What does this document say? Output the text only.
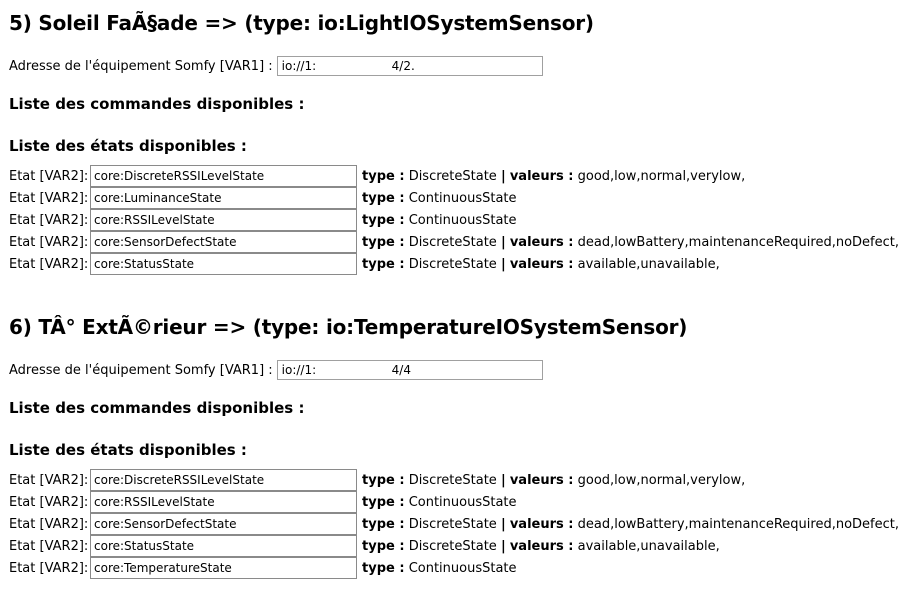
5) Soleil FaÃ§ade => (type: io:LightIOSystemSensor)
Adresse de l'équipement Somfy [VAR1] : io://1:	4/2.
Liste des commandes disponibles :
Liste des états disponibles :
Etat [VAR2]: core:DiscreteRSSILevelState	type : DiscreteState | valeurs : good,low,normal,verylow,
Etat [VAR2]: core:LuminanceState	type : ContinuousState
Etat [VAR2]: core:RSSILevelState	type : ContinuousState
Etat [VAR2]: core:SensorDefectState	type : DiscreteState | valeurs : dead,lowBattery,maintenanceRequired,noDefect,
Etat [VAR2]: core:StatusState	type : DiscreteState | valeurs : available,unavailable,
6) TÂ° ExtÃ©rieur => (type: io:TemperatureIOSystemSensor)
Adresse de l'équipement Somfy [VAR1] : io://1:	4/4
Liste des commandes disponibles :
Liste des états disponibles :
Etat [VAR2]: core:DiscreteRSSILevelState	type : DiscreteState | valeurs : good,low,normal,verylow,
Etat [VAR2]: core:RSSILevelState	type : ContinuousState
Etat [VAR2]: core:SensorDefectState	type : DiscreteState | valeurs : dead,lowBattery,maintenanceRequired,noDefect,
Etat [VAR2]: core:StatusState	type : DiscreteState | valeurs : available,unavailable,
Etat [VAR2]: core:TemperatureState	type : ContinuousState
